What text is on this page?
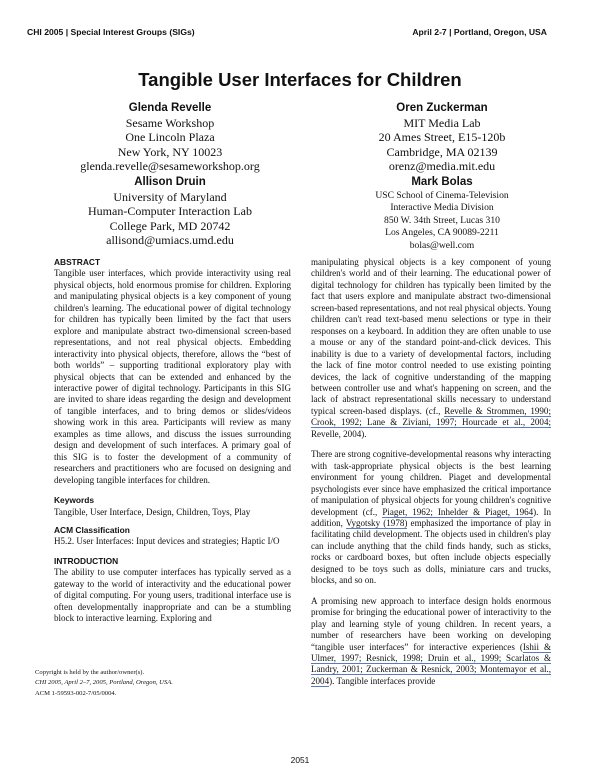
CHI 2005 | Special Interest Groups (SIGs)	April 2-7 | Portland, Oregon, USA
Tangible User Interfaces for Children
Glenda Revelle
Sesame Workshop
One Lincoln Plaza
New York, NY 10023
glenda.revelle@sesameworkshop.org
Oren Zuckerman
MIT Media Lab
20 Ames Street, E15-120b
Cambridge, MA 02139
orenz@media.mit.edu
Allison Druin
University of Maryland
Human-Computer Interaction Lab
College Park, MD 20742
allisond@umiacs.umd.edu
Mark Bolas
USC School of Cinema-Television
Interactive Media Division
850 W. 34th Street, Lucas 310
Los Angeles, CA 90089-2211
bolas@well.com
ABSTRACT

Tangible user interfaces, which provide interactivity using real physical objects, hold enormous promise for children. Exploring and manipulating physical objects is a key component of young children's learning. The educational power of digital technology for children has typically been limited by the fact that users explore and manipulate abstract two-dimensional screen-based representations, and not real physical objects. Embedding interactivity into physical objects, therefore, allows the “best of both worlds” – supporting traditional exploratory play with physical objects that can be extended and enhanced by the interactive power of digital technology. Participants in this SIG are invited to share ideas regarding the design and development of tangible interfaces, and to bring demos or slides/videos showing work in this area. Participants will review as many examples as time allows, and discuss the issues surrounding design and development of such interfaces. A primary goal of this SIG is to foster the development of a community of researchers and practitioners who are focused on designing and developing tangible interfaces for children.

Keywords

Tangible, User Interface, Design, Children, Toys, Play

ACM Classification

H5.2. User Interfaces: Input devices and strategies; Haptic I/O

INTRODUCTION

The ability to use computer interfaces has typically served as a gateway to the world of interactivity and the educational power of digital computing. For young users, traditional interface use is often developmentally inappropriate and can be a stumbling block to interactive learning. Exploring and

manipulating physical objects is a key component of young children's world and of their learning. The educational power of digital technology for children has typically been limited by the fact that users explore and manipulate abstract two-dimensional screen-based representations, and not real physical objects. Young children can't read text-based menu selections or type in their responses on a keyboard. In addition they are often unable to use a mouse or any of the standard point-and-click devices. This inability is due to a variety of developmental factors, including the lack of fine motor control needed to use existing pointing devices, the lack of cognitive understanding of the mapping between controller use and what's happening on screen, and the lack of abstract representational skills necessary to understand typical screen-based displays. (cf., Revelle & Strommen, 1990; Crook, 1992; Lane & Ziviani, 1997; Hourcade et al., 2004; Revelle, 2004).

There are strong cognitive-developmental reasons why interacting with task-appropriate physical objects is the best learning environment for young children. Piaget and developmental psychologists ever since have emphasized the critical importance of manipulation of physical objects for young children's cognitive development (cf., Piaget, 1962; Inhelder & Piaget, 1964). In addition, Vygotsky (1978) emphasized the importance of play in facilitating child development. The objects used in children's play can include anything that the child finds handy, such as sticks, rocks or cardboard boxes, but often include objects especially designed to be toys such as dolls, miniature cars and trucks, blocks, and so on.

A promising new approach to interface design holds enormous promise for bringing the educational power of interactivity to the play and learning style of young children. In recent years, a number of researchers have been working on developing “tangible user interfaces” for interactive experiences (Ishii & Ulmer, 1997; Resnick, 1998; Druin et al., 1999; Scarlatos & Landry, 2001; Zuckerman & Resnick, 2003; Montemayor et al., 2004). Tangible interfaces provide

Copyright is held by the author/owner(s).
CHI 2005, April 2–7, 2005, Portland, Oregon, USA.
ACM 1-59593-002-7/05/0004.
2051
